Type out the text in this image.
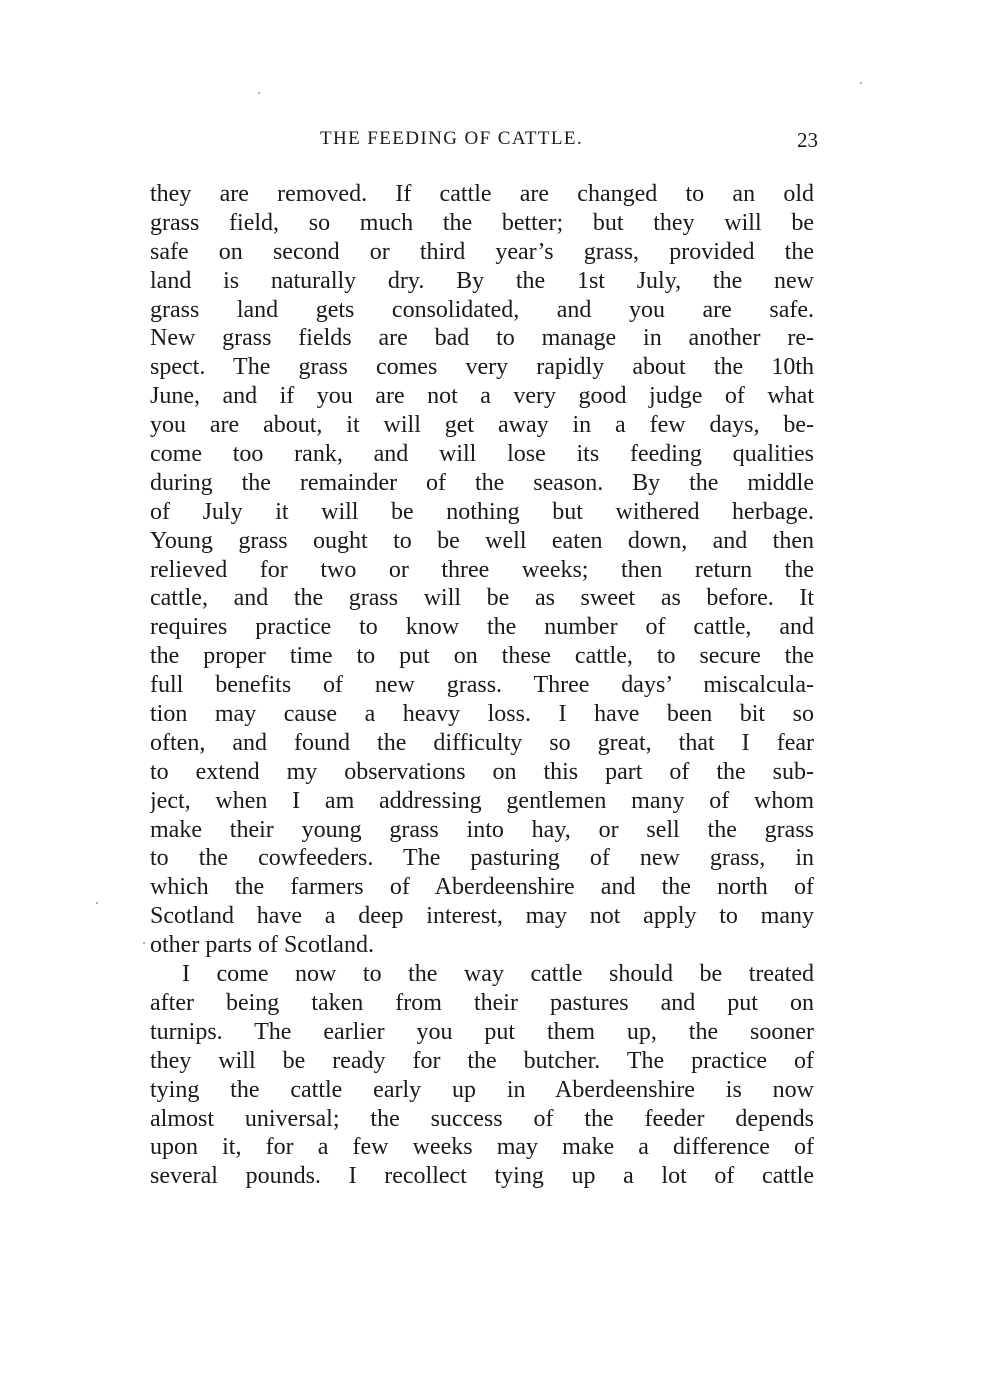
THE FEEDING OF CATTLE.	23
they are removed. If cattle are changed to an old
grass field, so much the better; but they will be
safe on second or third year’s grass, provided the
land is naturally dry. By the 1st July, the new
grass land gets consolidated, and you are safe.
New grass fields are bad to manage in another re-
spect. The grass comes very rapidly about the 10th
June, and if you are not a very good judge of what
you are about, it will get away in a few days, be-
come too rank, and will lose its feeding qualities
during the remainder of the season. By the middle
of July it will be nothing but withered herbage.
Young grass ought to be well eaten down, and then
relieved for two or three weeks; then return the
cattle, and the grass will be as sweet as before. It
requires practice to know the number of cattle, and
the proper time to put on these cattle, to secure the
full benefits of new grass. Three days’ miscalcula-
tion may cause a heavy loss. I have been bit so
often, and found the difficulty so great, that I fear
to extend my observations on this part of the sub-
ject, when I am addressing gentlemen many of whom
make their young grass into hay, or sell the grass
to the cowfeeders. The pasturing of new grass, in
which the farmers of Aberdeenshire and the north of
Scotland have a deep interest, may not apply to many
other parts of Scotland.
I come now to the way cattle should be treated
after being taken from their pastures and put on
turnips. The earlier you put them up, the sooner
they will be ready for the butcher. The practice of
tying the cattle early up in Aberdeenshire is now
almost universal; the success of the feeder depends
upon it, for a few weeks may make a difference of
several pounds. I recollect tying up a lot of cattle
